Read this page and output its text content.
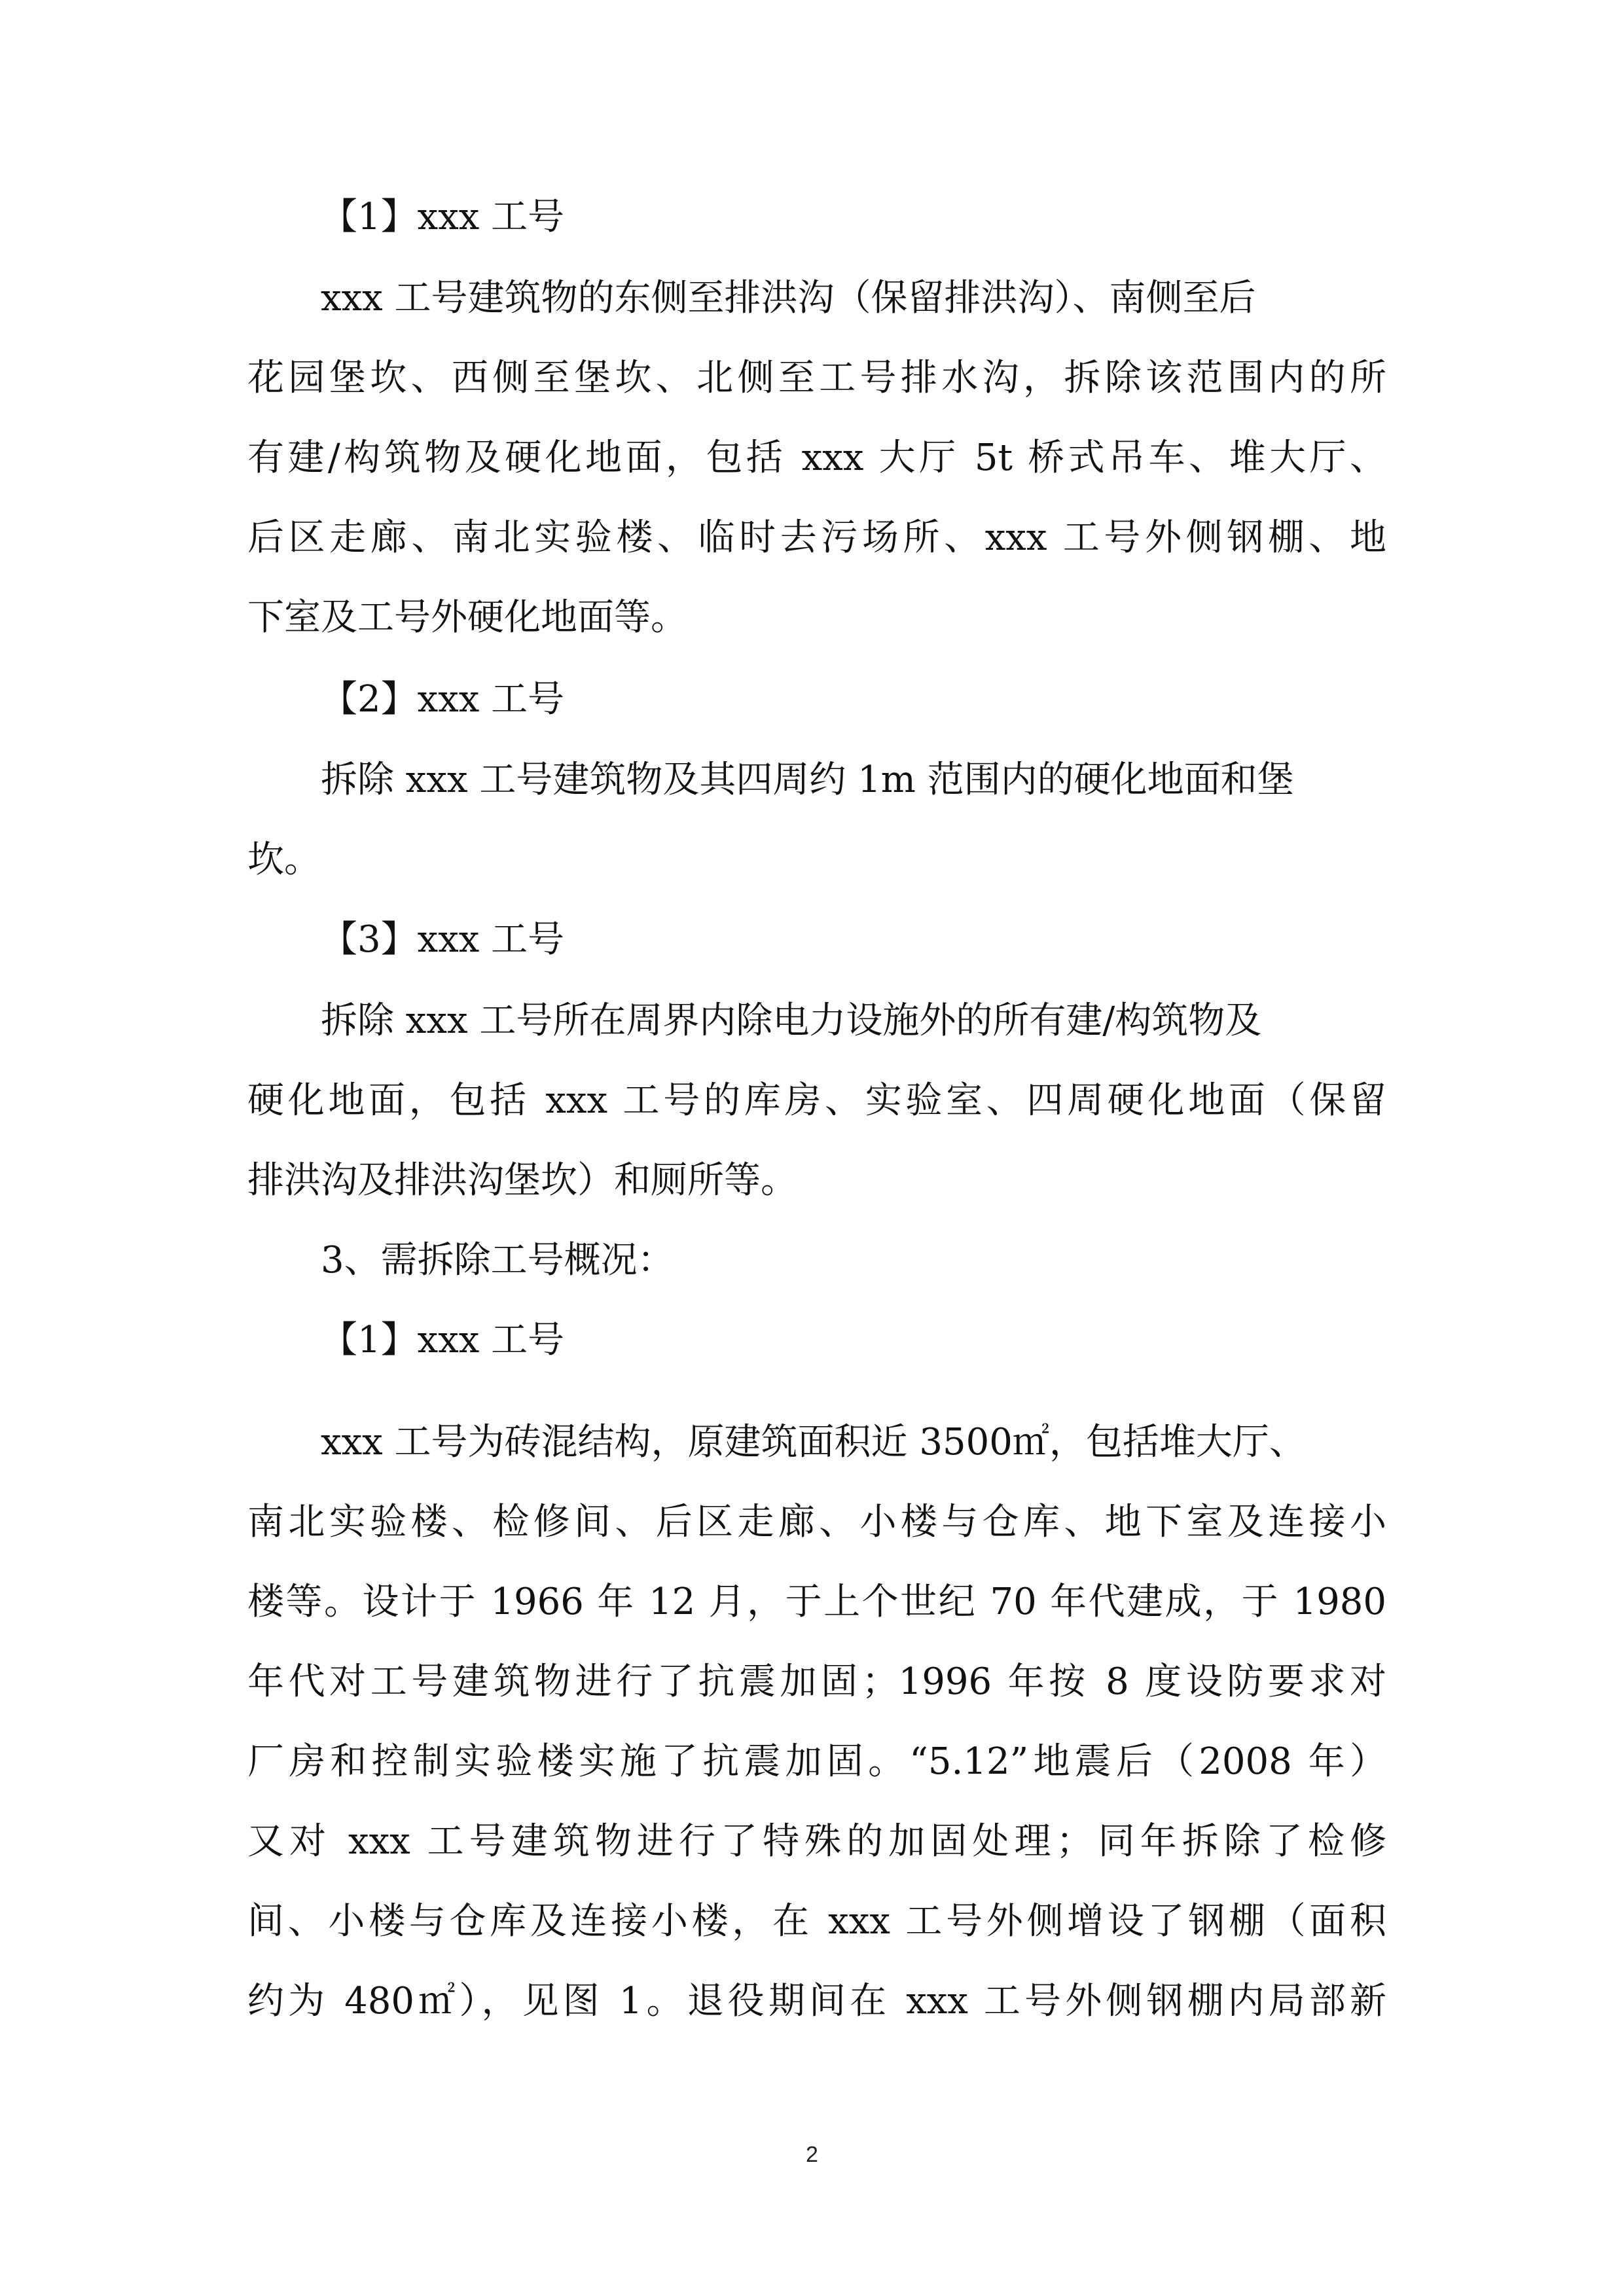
【1】xxx 工号
xxx 工号建筑物的东侧至排洪沟（保留排洪沟）、南侧至后
花园堡坎、西侧至堡坎、北侧至工号排水沟，拆除该范围内的所
有建/构筑物及硬化地面，包括 xxx 大厅 5t 桥式吊车、堆大厅、
后区走廊、南北实验楼、临时去污场所、xxx 工号外侧钢棚、地
下室及工号外硬化地面等。
【2】xxx 工号
拆除 xxx 工号建筑物及其四周约 1m 范围内的硬化地面和堡
坎。
【3】xxx 工号
拆除 xxx 工号所在周界内除电力设施外的所有建/构筑物及
硬化地面，包括 xxx 工号的库房、实验室、四周硬化地面（保留
排洪沟及排洪沟堡坎）和厕所等。
3、需拆除工号概况：
【1】xxx 工号
xxx 工号为砖混结构，原建筑面积近 3500㎡，包括堆大厅、
南北实验楼、检修间、后区走廊、小楼与仓库、地下室及连接小
楼等。设计于 1966 年 12 月，于上个世纪 70 年代建成，于 1980
年代对工号建筑物进行了抗震加固；1996 年按 8 度设防要求对
厂房和控制实验楼实施了抗震加固。“5.12”地震后（2008 年）
又对 xxx 工号建筑物进行了特殊的加固处理；同年拆除了检修
间、小楼与仓库及连接小楼，在 xxx 工号外侧增设了钢棚（面积
约为 480㎡），见图 1。退役期间在 xxx 工号外侧钢棚内局部新
2
